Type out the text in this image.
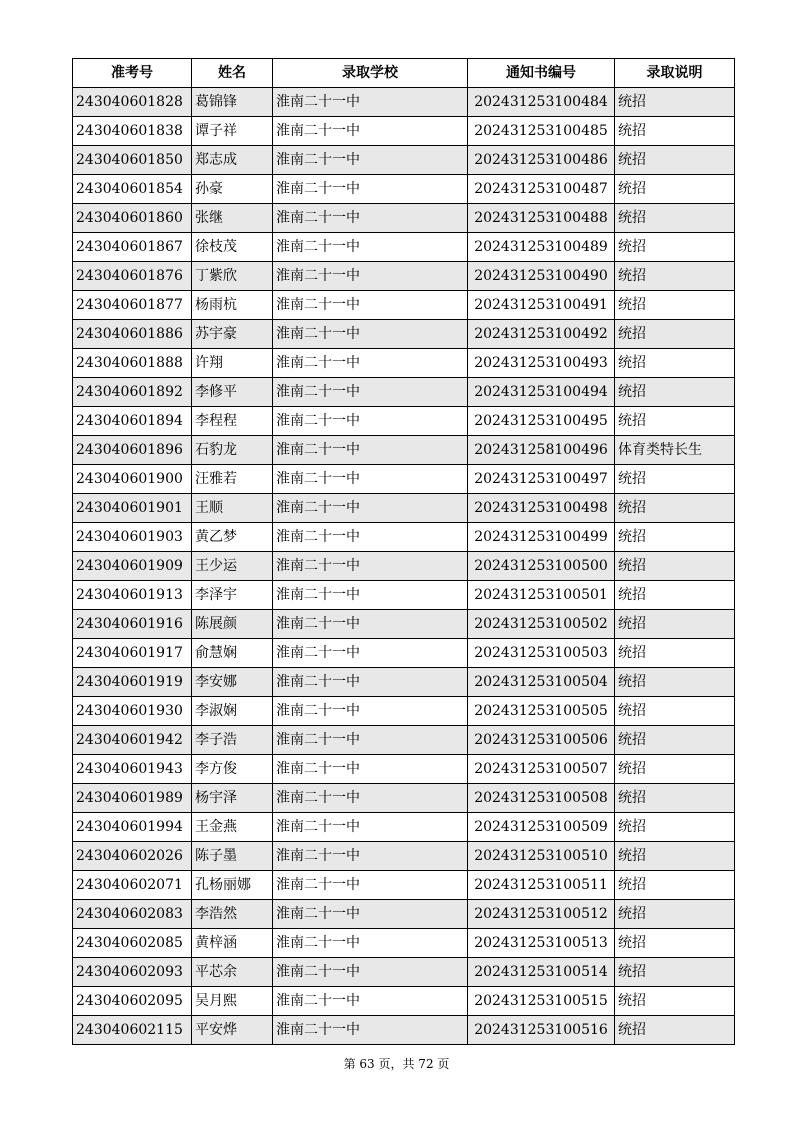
准考号	姓名	录取学校	通知书编号	录取说明
243040601828	葛锦锋	淮南二十一中	202431253100484	统招
243040601838	谭子祥	淮南二十一中	202431253100485	统招
243040601850	郑志成	淮南二十一中	202431253100486	统招
243040601854	孙豪	淮南二十一中	202431253100487	统招
243040601860	张继	淮南二十一中	202431253100488	统招
243040601867	徐枝茂	淮南二十一中	202431253100489	统招
243040601876	丁紫欣	淮南二十一中	202431253100490	统招
243040601877	杨雨杭	淮南二十一中	202431253100491	统招
243040601886	苏宇豪	淮南二十一中	202431253100492	统招
243040601888	许翔	淮南二十一中	202431253100493	统招
243040601892	李修平	淮南二十一中	202431253100494	统招
243040601894	李程程	淮南二十一中	202431253100495	统招
243040601896	石豹龙	淮南二十一中	202431258100496	体育类特长生
243040601900	汪雅若	淮南二十一中	202431253100497	统招
243040601901	王顺	淮南二十一中	202431253100498	统招
243040601903	黄乙梦	淮南二十一中	202431253100499	统招
243040601909	王少运	淮南二十一中	202431253100500	统招
243040601913	李泽宇	淮南二十一中	202431253100501	统招
243040601916	陈展颜	淮南二十一中	202431253100502	统招
243040601917	俞慧娴	淮南二十一中	202431253100503	统招
243040601919	李安娜	淮南二十一中	202431253100504	统招
243040601930	李淑娴	淮南二十一中	202431253100505	统招
243040601942	李子浩	淮南二十一中	202431253100506	统招
243040601943	李方俊	淮南二十一中	202431253100507	统招
243040601989	杨宇泽	淮南二十一中	202431253100508	统招
243040601994	王金燕	淮南二十一中	202431253100509	统招
243040602026	陈子墨	淮南二十一中	202431253100510	统招
243040602071	孔杨丽娜	淮南二十一中	202431253100511	统招
243040602083	李浩然	淮南二十一中	202431253100512	统招
243040602085	黄梓涵	淮南二十一中	202431253100513	统招
243040602093	平芯余	淮南二十一中	202431253100514	统招
243040602095	吴月熙	淮南二十一中	202431253100515	统招
243040602115	平安烨	淮南二十一中	202431253100516	统招
第 63 页，共 72 页
